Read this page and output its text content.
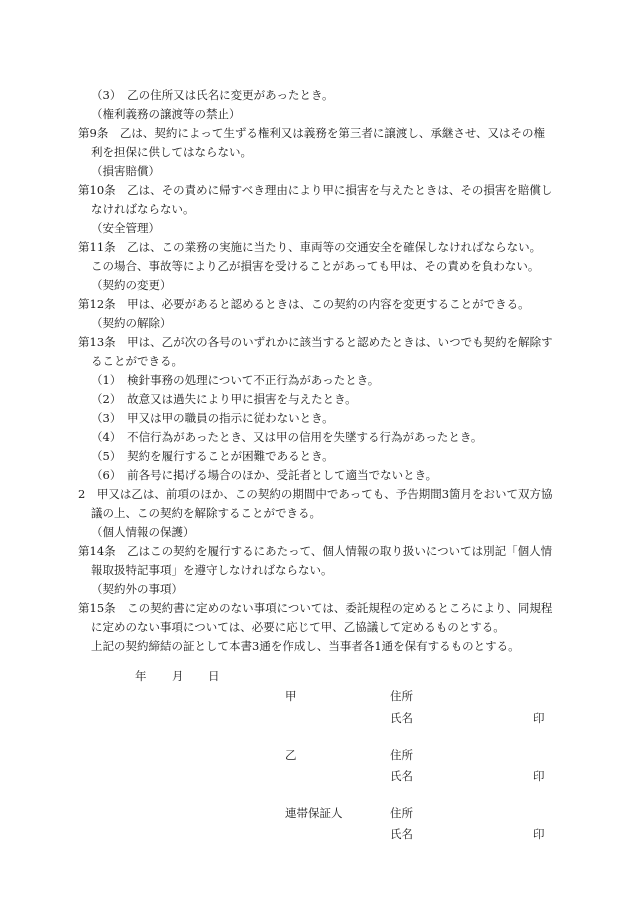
（3）　乙の住所又は氏名に変更があったとき。
（権利義務の譲渡等の禁止）
第9条　乙は、契約によって生ずる権利又は義務を第三者に譲渡し、承継させ、又はその権
利を担保に供してはならない。
（損害賠償）
第10条　乙は、その責めに帰すべき理由により甲に損害を与えたときは、その損害を賠償し
なければならない。
（安全管理）
第11条　乙は、この業務の実施に当たり、車両等の交通安全を確保しなければならない。
この場合、事故等により乙が損害を受けることがあっても甲は、その責めを負わない。
（契約の変更）
第12条　甲は、必要があると認めるときは、この契約の内容を変更することができる。
（契約の解除）
第13条　甲は、乙が次の各号のいずれかに該当すると認めたときは、いつでも契約を解除す
ることができる。
（1）　検針事務の処理について不正行為があったとき。
（2）　故意又は過失により甲に損害を与えたとき。
（3）　甲又は甲の職員の指示に従わないとき。
（4）　不信行為があったとき、又は甲の信用を失墜する行為があったとき。
（5）　契約を履行することが困難であるとき。
（6）　前各号に掲げる場合のほか、受託者として適当でないとき。
2　甲又は乙は、前項のほか、この契約の期間中であっても、予告期間3箇月をおいて双方協
議の上、この契約を解除することができる。
（個人情報の保護）
第14条　乙はこの契約を履行するにあたって、個人情報の取り扱いについては別記「個人情
報取扱特記事項」を遵守しなければならない。
（契約外の事項）
第15条　この契約書に定めのない事項については、委託規程の定めるところにより、同規程
に定めのない事項については、必要に応じて甲、乙協議して定めるものとする。
上記の契約締結の証として本書3通を作成し、当事者各1通を保有するものとする。
年 月 日
甲	住所
氏名	印
乙	住所
氏名	印
連帯保証人	住所
氏名	印
